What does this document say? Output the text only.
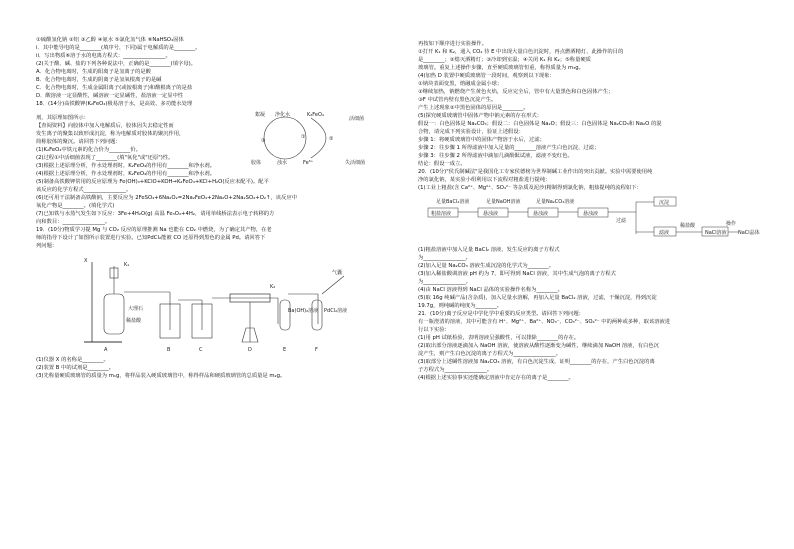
①硫酸氢化钠 ②铝 ③乙醇 ④氨水 ⑤氯化氢气体 ⑥NaHSO₄固体
i．其中能导电的是________(填序号，下同)属于电解质的是________。
ii．写出物质⑥溶于水的电离方程式：________________。
(2)关于酸、碱、盐的下列各种说法中，正确的是________(填字母)。
A．化合物电离时，生成的阳离子是氢离子的是酸
B．化合物电离时，生成的阴离子是氢氧根离子的是碱
C．化合物电离时，生成金属阳离子(或铵根离子)和酸根离子的是盐
D．酸溶液一定显酸性，碱溶液一定显碱性，盐溶液一定显中性
18．(14分)高铁酸钾(K₂FeO₄)极易溶于水，是高效、多功能水处理
絮凝 净化水	K₂FeO₄
③
①	②
胶体	浊水	Fe³⁺
活细菌
失活细菌
剂，其原理如图所示：
【查阅资料】向胶体中加入电解质后，胶体因失去稳定性而
发生离子的聚集以致形成沉淀，称为电解质对胶体的聚沉作用，
简称胶体的聚沉。请回答下列问题：
(1)K₂FeO₄中铁元素的化合价为________价。
(2)过程①中活细菌表现了________(填"氧化"或"还原")性。
(3)根据上述原理分析，作水处理剂时，K₂FeO₄的作用有________和净水剂。
(4)根据上述原理分析，作水处理剂时，K₂FeO₄的作用有________和净水剂。
(5)制备高铁酸钾常用的反应原理为 Fe(OH)₃+KClO+KOH→K₂FeO₄+KCl+H₂O(反应未配平)。配平
该反应的化学方程式________________。
(6)还可用干法制备高铁酸钠，主要反应为 2FeSO₄+6Na₂O₂=2Na₂FeO₄+2Na₂O+2Na₂SO₄+O₂↑，该反应中
氧化产物是________。(填化学式)
(7)已知铁与水蒸气发生如下反应：3Fe+4H₂O(g) 高温 Fe₃O₄+4H₂，请用单线桥法表示电子转移的方
向和数目：________________。
19．(10分)物质学习提 Mg 与 CO₂ 反应的原理推测 Na 也能在 CO₂ 中燃烧，为了确定其产物，在老
师的指导下设计了如图所示装置进行实验。已知PdCl₂能被 CO 还原得到黑色的金属 Pd。请回答下
列问题：
X
K₁
大理石
稀盐酸
K₂
Ba(OH)₂溶液 PdCl₂溶液
气囊
A	B	C	D	E	F
(1)仪器 X 的名称是________。
(2)装置 B 中的试剂是________。
(3)先称量硬质玻璃管的质量为 m₁g，将样品装入硬质玻璃管中，称得样品和硬质玻璃管的总质量是 m₂g。
再按如下顺序进行实验操作。
①打开 K₁ 和 K₂，通入 CO₂ 待 E 中出现大量白色沉淀时，再点燃酒精灯，此操作的目的
是________；②熄灭酒精灯；③冷却到室温；④关闭 K₁ 和 K₂；⑤称量硬质
玻璃管。重复上述操作步骤，直至硬质玻璃管恒重，称得质量为 m₃g。
(4)加热 D 装置中硬质玻璃管一段时间，观察到以下现象：
①钠块表面变黑，熔融成金属小球；
②继续加热，钠燃烧产生黄色火焰，反应完全后，管中有大量黑色和白色固体产生；
③F 中试管内壁有黑色沉淀产生。
产生上述现象②中黑色固体的原因是________。
(5)探究硬质玻璃管中固体产物中钠元素的存在形式：
假设一：白色固体是 Na₂CO₃；假设二：白色固体是 Na₂O；假设三：白色固体是 Na₂CO₃和 Na₂O 的混
合物，请完成下列实验设计，验证上述假设：
步骤 1：将硬质玻璃管中的固体产物溶于水后，过滤；
步骤 2：往步骤 1 所得滤液中加入足量的________溶液产生白色沉淀，过滤；
步骤 3：往步骤 2 所得滤液中滴加几滴酚酞试液，滤液不变红色。
结论：假设一成立。
20．(10分)"侯氏制碱法"是我国化工专家侯德榜为世界制碱工业作出的突出贡献。实验中需要使用纯
净的氯化钠，某实验小组利用以下流程对粗盐进行提纯：
(1)工业上粗盐(含 Ca²⁺、Mg²⁺、SO₄²⁻ 等杂质及泥沙)精制得到氯化钠，粗盐提纯的流程如下：
足量BaCl₂溶液	足量NaOH溶液	足量Na₂CO₃溶液
粗盐溶液	悬浊液	悬浊液	悬浊液
过滤
沉淀
滤液
稀盐酸
NaCl溶液
操作
NaCl晶体
(1)粗盐溶液中加入足量 BaCl₂ 溶液，发生反应的离子方程式
为________________。
(2)加入足量 Na₂CO₃ 溶液生成沉淀的化学式为________。
(3)加入稀盐酸调溶液 pH 约为 7，即可得到 NaCl 溶液，其中生成气泡的离子方程式
为________________。
(4)由 NaCl 溶液得到 NaCl 晶体的实验操作名称为________。
(5)取 16g 纯碱产品(含杂质)，加入足量水溶解，再加入足量 BaCl₂ 溶液，过滤，干燥沉淀，得到沉淀
19.7g，则纯碱的纯度为________。
21．(10分)离子反应是中学化学中重要的反应类型。请回答下列问题：
有一瓶澄清的溶液，其中可能含有 H⁺、Mg²⁺、Ba²⁺、NO₃⁻、CO₃²⁻、SO₄²⁻ 中的两种或多种，取该溶液进
行以下实验：
(1)用 pH 试纸检验，表明溶液呈强酸性，可以排除________的存在。
(2)取出部分溶液逐滴加入 NaOH 溶液，使溶液从酸性逐渐变为碱性，继续滴加 NaOH 溶液，有白色沉
淀产生，则产生白色沉淀的离子方程式为________________。
(3)取部分上述碱性溶液加 Na₂CO₃ 溶液，有白色沉淀生成，证明________的存在，产生白色沉淀的离
子方程式为________________。
(4)根据上述实验事实还能确定溶液中肯定存在的离子是________。
